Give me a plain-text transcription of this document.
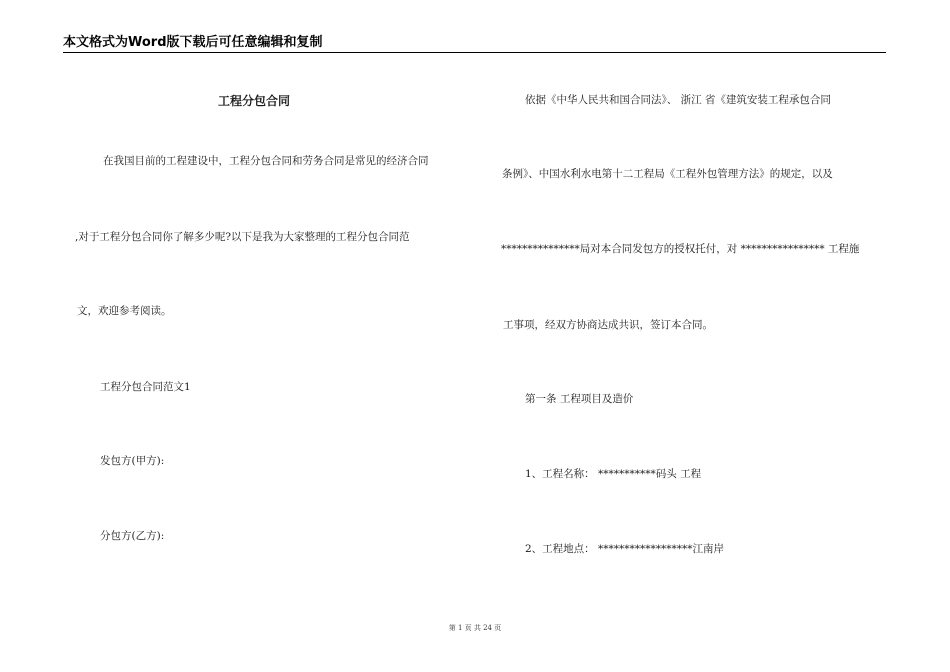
本文格式为Word版下载后可任意编辑和复制
工程分包合同
在我国目前的工程建设中，工程分包合同和劳务合同是常见的经济合同
,对于工程分包合同你了解多少呢?以下是我为大家整理的工程分包合同范
文，欢迎参考阅读。
工程分包合同范文1
发包方(甲方):
分包方(乙方):
依据《中华人民共和国合同法》、 浙江 省《建筑安装工程承包合同
条例》、中国水利水电第十二工程局《工程外包管理方法》的规定，以及
***************局对本合同发包方的授权托付，对 **************** 工程施
工事项，经双方协商达成共识，签订本合同。
第一条 工程项目及造价
1、工程名称： ***********码头 工程
2、工程地点： ******************江南岸
第 1 页 共 24 页
